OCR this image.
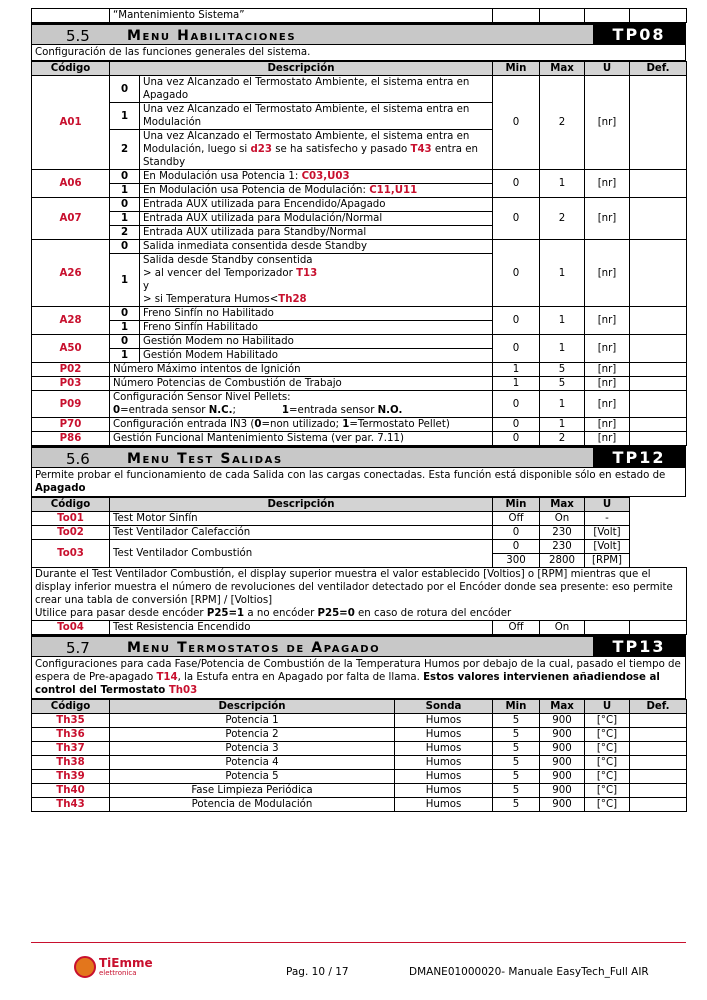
	“Mantenimiento Sistema”				
5.5	Menu Habilitaciones	TP08
Configuración de las funciones generales del sistema.
Código	Descripción		Min	Max	U	Def.
A01	0	Una vez Alcanzado el Termostato Ambiente, el sistema entra en Apagado	0	2	[nr]	
	1	Una vez Alcanzado el Termostato Ambiente, el sistema entra en Modulación				
	2	Una vez Alcanzado el Termostato Ambiente, el sistema entra en Modulación, luego si d23 se ha satisfecho y pasado T43 entra en Standby				
A06	0	En Modulación usa Potencia 1: C03,U03	0	1	[nr]	
	1	En Modulación usa Potencia de Modulación: C11,U11				
A07	0	Entrada AUX utilizada para Encendido/Apagado	0	2	[nr]	
	1	Entrada AUX utilizada para Modulación/Normal				
	2	Entrada AUX utilizada para Standby/Normal				
A26	0	Salida inmediata consentida desde Standby	0	1	[nr]	
	1	Salida desde Standby consentida
> al vencer del Temporizador T13
y
> si Temperatura Humos<Th28				

A28	0	Freno Sinfín no Habilitado	0	1	[nr]	
	1	Freno Sinfín Habilitado				
A50	0	Gestión Modem no Habilitado	0	1	[nr]	
	1	Gestión Modem Habilitado				
P02	Número Máximo intentos de Ignición		1	5	[nr]	
P03	Número Potencias de Combustión de Trabajo		1	5	[nr]	
P09	Configuración Sensor Nivel Pellets:
0=entrada sensor N.C.; 1=entrada sensor N.O.		0	1	[nr]	
P70	Configuración entrada IN3 (0=non utilizado; 1=Termostato Pellet)		0	1	[nr]	
P86	Gestión Funcional Mantenimiento Sistema (ver par. 7.11)		0	2	[nr]	
5.6	Menu Test Salidas	TP12
Permite probar el funcionamiento de cada Salida con las cargas conectadas. Esta función está disponible sólo en estado de Apagado
Código	Descripción	Min	Max	U	
To01	Test Motor Sinfín	Off	On	-	
To02	Test Ventilador Calefacción	0	230	[Volt]	
To03	Test Ventilador Combustión	0	230	[Volt]	
		300	2800	[RPM]	

Durante el Test Ventilador Combustión, el display superior muestra el valor establecido [Voltios] o [RPM] mientras que el display inferior muestra el número de revoluciones del ventilador detectado por el Encóder donde sea presente: eso permite crear una tabla de conversión [RPM] / [Voltios]
Utilice para pasar desde encóder P25=1 a no encóder P25=0 en caso de rotura del encóder					

To04	Test Resistencia Encendido	Off	On		
5.7	Menu Termostatos de Apagado	TP13
Configuraciones para cada Fase/Potencia de Combustión de la Temperatura Humos por debajo de la cual, pasado el tiempo de espera de Pre-apagado T14, la Estufa entra en Apagado por falta de llama. Estos valores intervienen añadiendose al control del Termostato Th03
Código	Descripción	Sonda	Min	Max	U	Def.
Th35	Potencia 1	Humos	5	900	[°C]	
Th36	Potencia 2	Humos	5	900	[°C]	
Th37	Potencia 3	Humos	5	900	[°C]	
Th38	Potencia 4	Humos	5	900	[°C]	
Th39	Potencia 5	Humos	5	900	[°C]	
Th40	Fase Limpieza Periódica	Humos	5	900	[°C]	
Th43	Potencia de Modulación	Humos	5	900	[°C]	
TiEmme
elettronica	Pag. 10 / 17	DMANE01000020- Manuale EasyTech_Full AIR
